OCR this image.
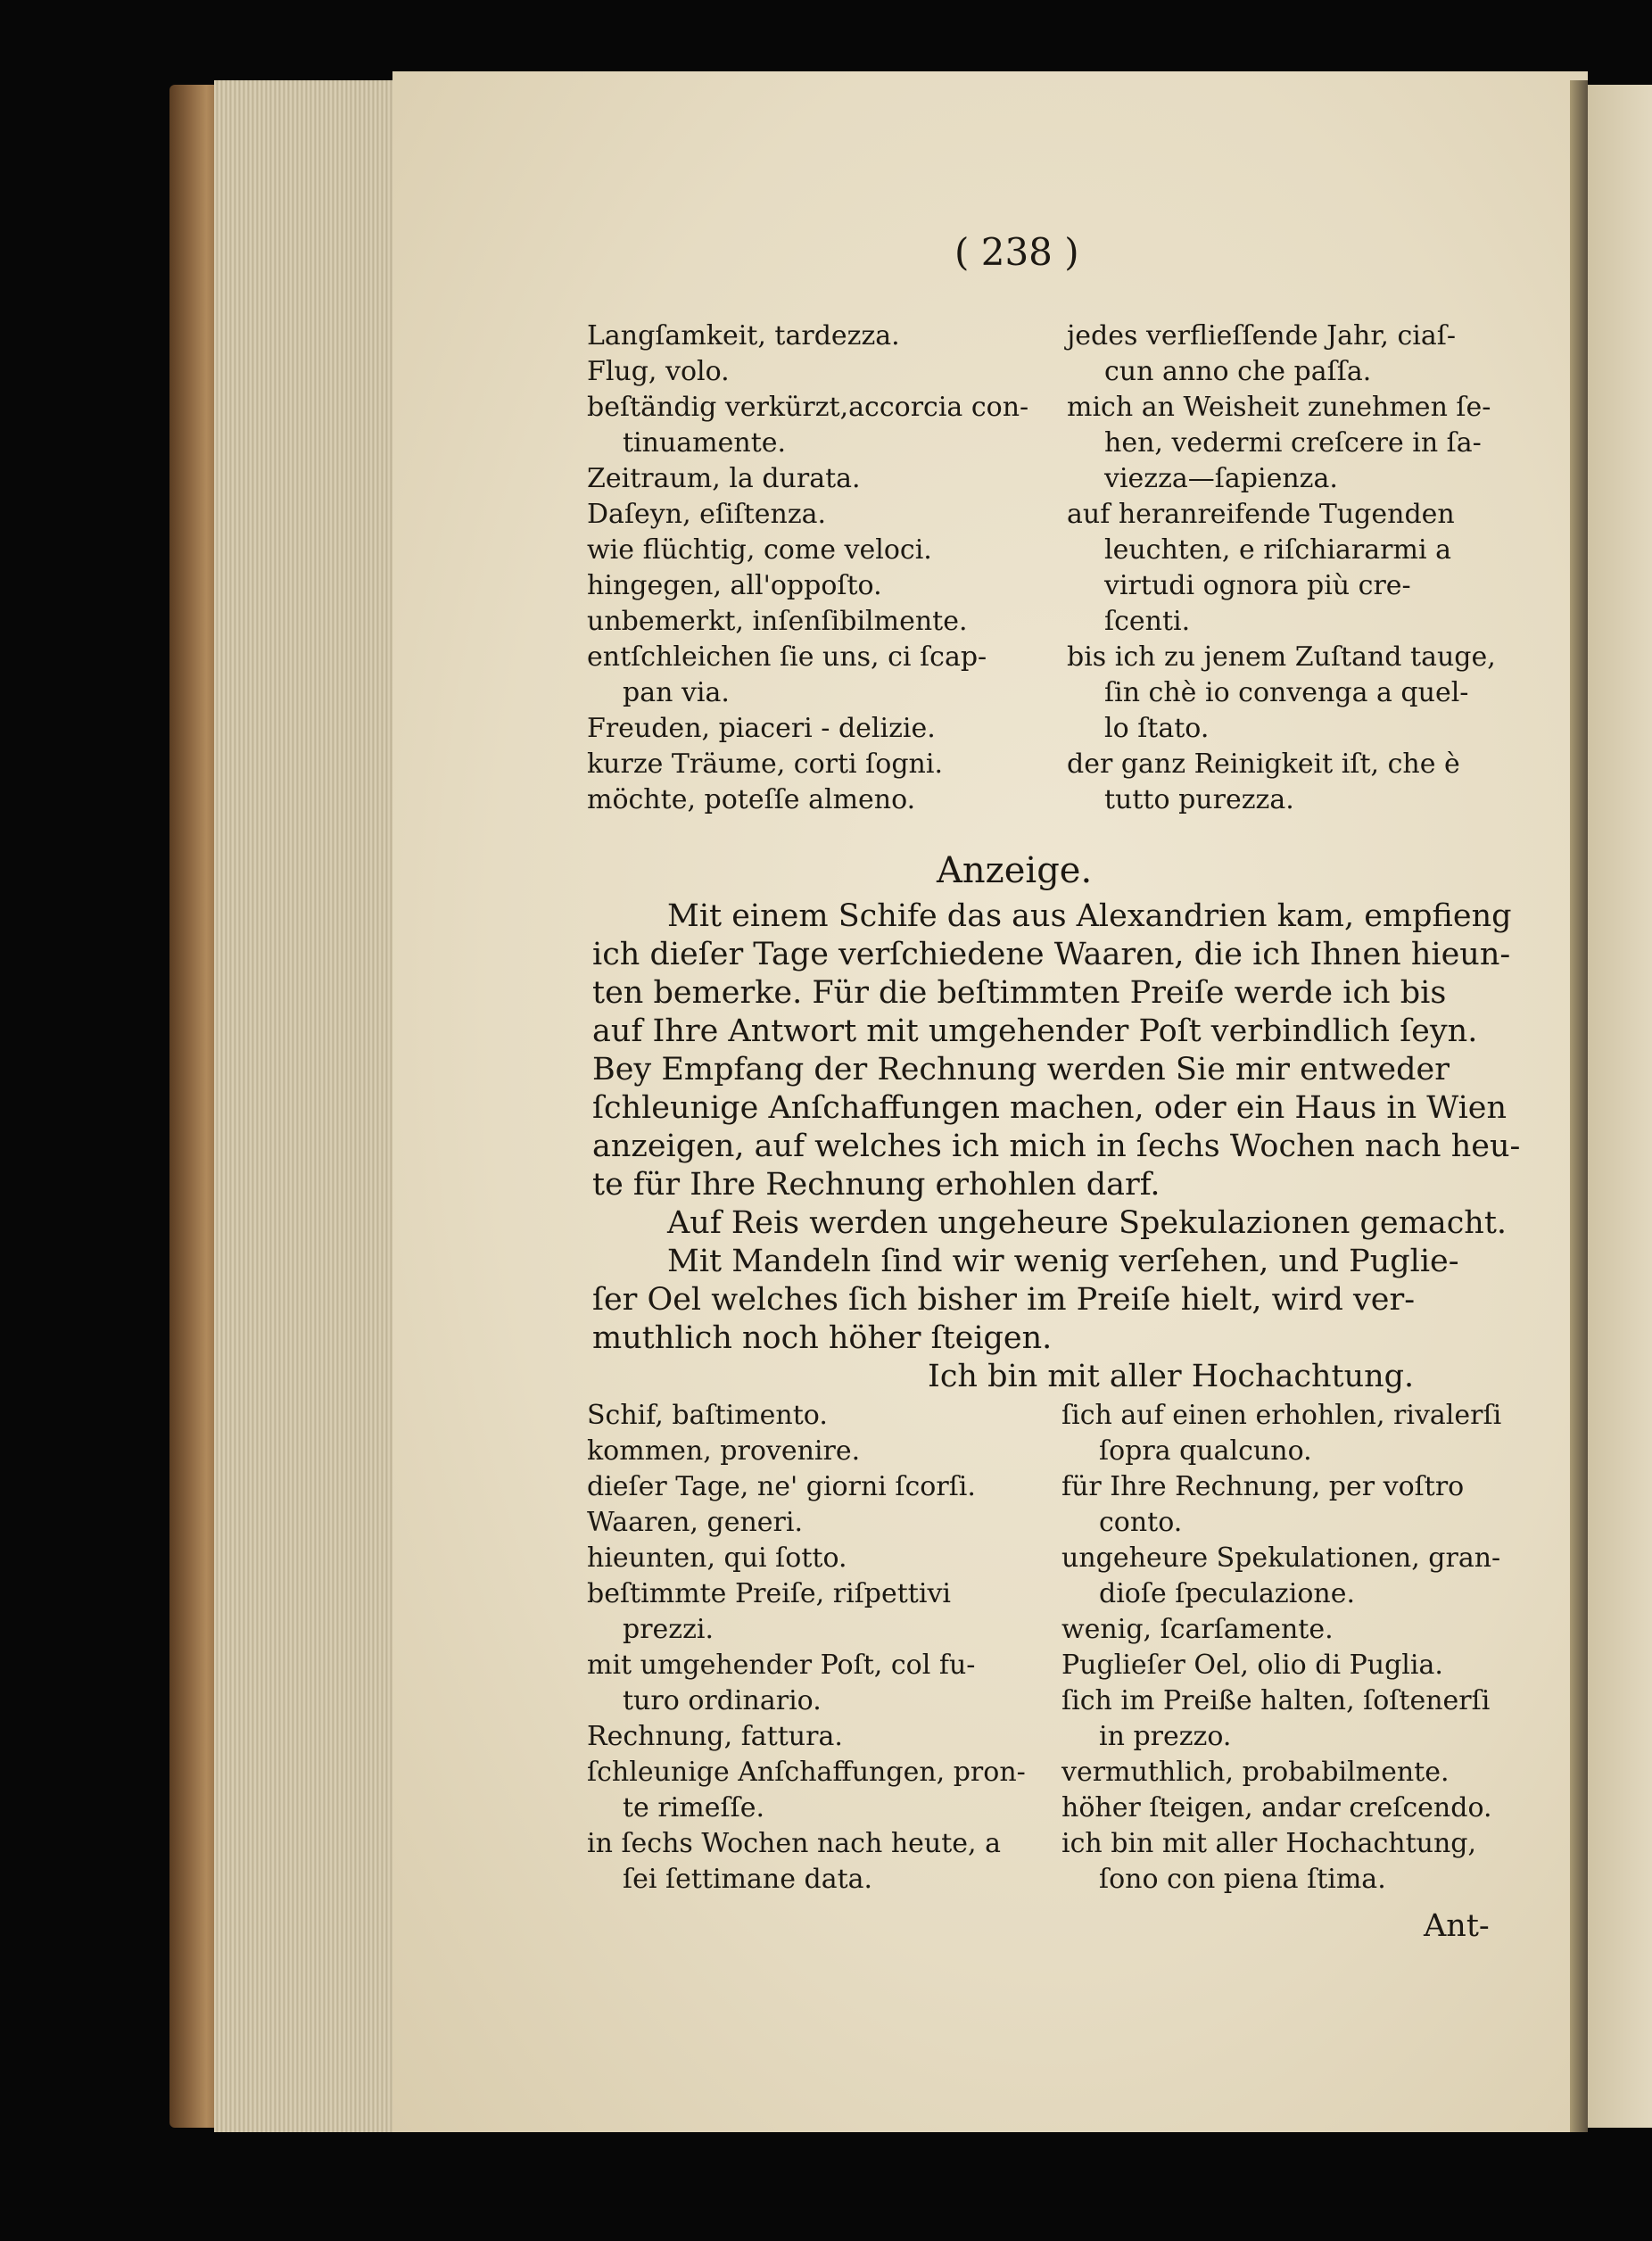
( 238 )
Langſamkeit, tardezza.
Flug, volo.
beſtändig verkürzt,accorcia con-
tinuamente.
Zeitraum, la durata.
Daſeyn, eſiſtenza.
wie flüchtig, come veloci.
hingegen, all'oppoſto.
unbemerkt, inſenſibilmente.
entſchleichen ſie uns, ci ſcap-
pan via.
Freuden, piaceri - delizie.
kurze Träume, corti ſogni.
möchte, poteſſe almeno.
jedes verflieſſende Jahr, ciaſ-
cun anno che paſſa.
mich an Weisheit zunehmen ſe-
hen, vedermi creſcere in ſa-
viezza—ſapienza.
auf heranreifende Tugenden
leuchten, e riſchiararmi a
virtudi ognora più cre-
ſcenti.
bis ich zu jenem Zuſtand tauge,
ſin chè io convenga a quel-
lo ſtato.
der ganz Reinigkeit iſt, che è
tutto purezza.
Anzeige.
Mit einem Schife das aus Alexandrien kam, empfieng
ich dieſer Tage verſchiedene Waaren, die ich Ihnen hieun-
ten bemerke. Für die beſtimmten Preiſe werde ich bis
auf Ihre Antwort mit umgehender Poſt verbindlich ſeyn.
Bey Empfang der Rechnung werden Sie mir entweder
ſchleunige Anſchaffungen machen, oder ein Haus in Wien
anzeigen, auf welches ich mich in ſechs Wochen nach heu-
te für Ihre Rechnung erhohlen darf.
Auf Reis werden ungeheure Spekulazionen gemacht.
Mit Mandeln ſind wir wenig verſehen, und Puglie-
ſer Oel welches ſich bisher im Preiſe hielt, wird ver-
muthlich noch höher ſteigen.
Ich bin mit aller Hochachtung.
Schif, baſtimento.
kommen, provenire.
dieſer Tage, ne' giorni ſcorſi.
Waaren, generi.
hieunten, qui ſotto.
beſtimmte Preiſe, riſpettivi
prezzi.
mit umgehender Poſt, col fu-
turo ordinario.
Rechnung, fattura.
ſchleunige Anſchaffungen, pron-
te rimeſſe.
in ſechs Wochen nach heute, a
ſei ſettimane data.
ſich auf einen erhohlen, rivalerſi
ſopra qualcuno.
für Ihre Rechnung, per voſtro
conto.
ungeheure Spekulationen, gran-
dioſe ſpeculazione.
wenig, ſcarſamente.
Puglieſer Oel, olio di Puglia.
ſich im Preiße halten, ſoſtenerſi
in prezzo.
vermuthlich, probabilmente.
höher ſteigen, andar creſcendo.
ich bin mit aller Hochachtung,
ſono con piena ſtima.
Ant-
